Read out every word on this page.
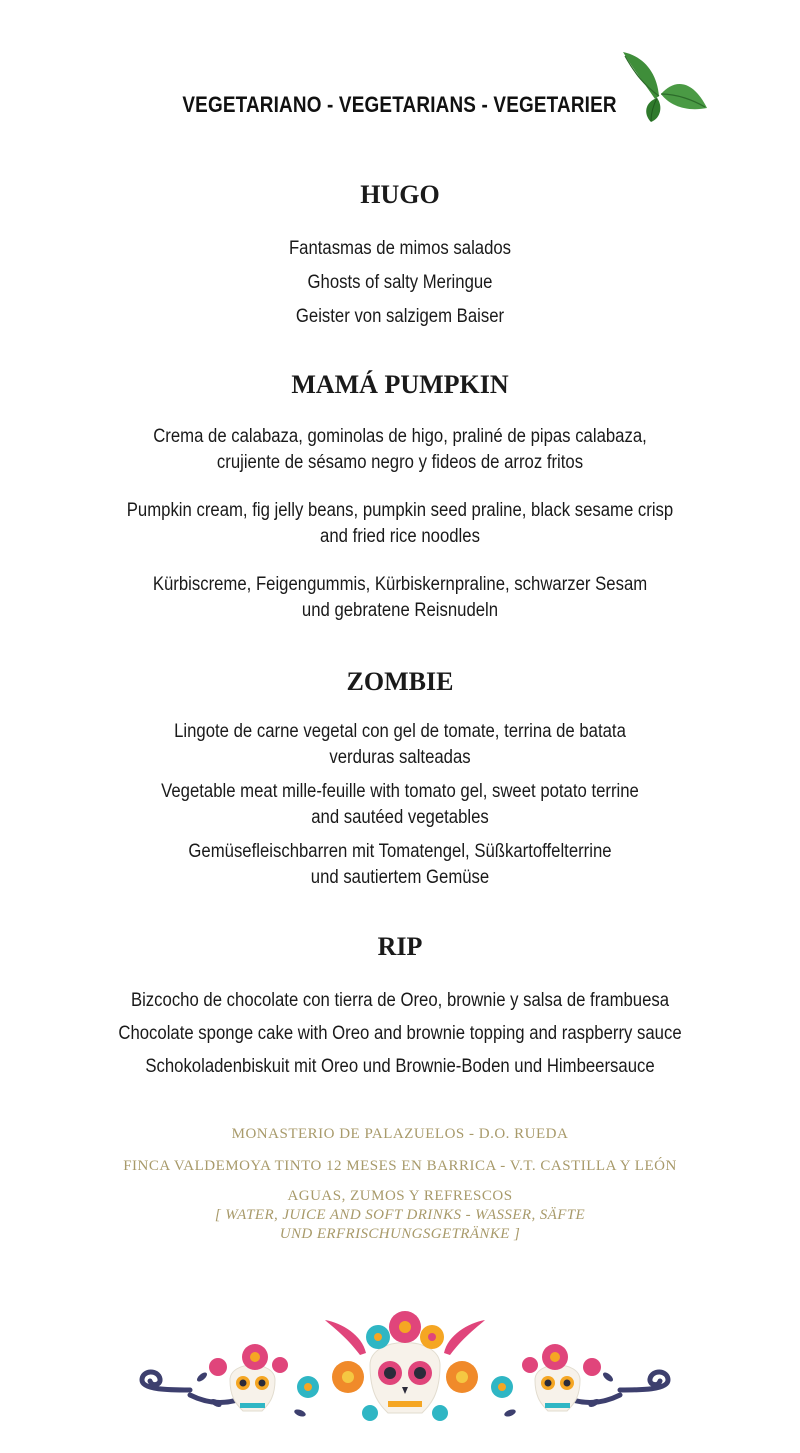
VEGETARIANO - VEGETARIANS - VEGETARIER
HUGO
Fantasmas de mimos salados
Ghosts of salty Meringue
Geister von salzigem Baiser
MAMÁ PUMPKIN
Crema de calabaza, gominolas de higo, praliné de pipas calabaza,
crujiente de sésamo negro y fideos de arroz fritos
Pumpkin cream, fig jelly beans, pumpkin seed praline, black sesame crisp
and fried rice noodles
Kürbiscreme, Feigengummis, Kürbiskernpraline, schwarzer Sesam
und gebratene Reisnudeln
ZOMBIE
Lingote de carne vegetal con gel de tomate, terrina de batata
verduras salteadas
Vegetable meat mille-feuille with tomato gel, sweet potato terrine
and sautéed vegetables
Gemüsefleischbarren mit Tomatengel, Süßkartoffelterrine
und sautiertem Gemüse
RIP
Bizcocho de chocolate con tierra de Oreo, brownie y salsa de frambuesa
Chocolate sponge cake with Oreo and brownie topping and raspberry sauce
Schokoladenbiskuit mit Oreo und Brownie-Boden und Himbeersauce
MONASTERIO DE PALAZUELOS - D.O. RUEDA
FINCA VALDEMOYA TINTO 12 MESES EN BARRICA - V.T. CASTILLA Y LEÓN
AGUAS, ZUMOS Y REFRESCOS
[ WATER, JUICE AND SOFT DRINKS - WASSER, SÄFTE
UND ERFRISCHUNGSGETRÄNKE ]
